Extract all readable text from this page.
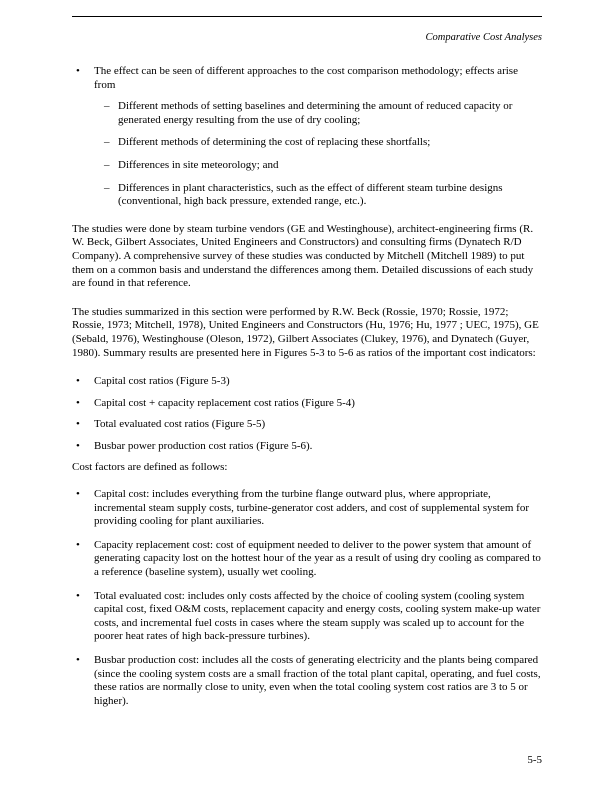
Comparative Cost Analyses
•	The effect can be seen of different approaches to the cost comparison methodology; effects arise from
– Different methods of setting baselines and determining the amount of reduced capacity or generated energy resulting from the use of dry cooling;
– Different methods of determining the cost of replacing these shortfalls;
– Differences in site meteorology; and
– Differences in plant characteristics, such as the effect of different steam turbine designs (conventional, high back pressure, extended range, etc.).

The studies were done by steam turbine vendors (GE and Westinghouse), architect-engineering firms (R. W. Beck, Gilbert Associates, United Engineers and Constructors) and consulting firms (Dynatech R/D Company). A comprehensive survey of these studies was conducted by Mitchell (Mitchell 1989) to put them on a common basis and understand the differences among them. Detailed discussions of each study are found in that reference.

The studies summarized in this section were performed by R.W. Beck (Rossie, 1970; Rossie, 1972; Rossie, 1973; Mitchell, 1978), United Engineers and Constructors (Hu, 1976; Hu, 1977 ; UEC, 1975), GE (Sebald, 1976), Westinghouse (Oleson, 1972), Gilbert Associates (Clukey, 1976), and Dynatech (Guyer, 1980). Summary results are presented here in Figures 5-3 to 5-6 as ratios of the important cost indicators:

•	Capital cost ratios (Figure 5-3)
•	Capital cost + capacity replacement cost ratios (Figure 5-4)
•	Total evaluated cost ratios (Figure 5-5)
•	Busbar power production cost ratios (Figure 5-6).

Cost factors are defined as follows:

•	Capital cost: includes everything from the turbine flange outward plus, where appropriate, incremental steam supply costs, turbine-generator cost adders, and cost of supplemental system for providing cooling for plant auxiliaries.
•	Capacity replacement cost: cost of equipment needed to deliver to the power system that amount of generating capacity lost on the hottest hour of the year as a result of using dry cooling as compared to a reference (baseline system), usually wet cooling.
•	Total evaluated cost: includes only costs affected by the choice of cooling system (cooling system capital cost, fixed O&M costs, replacement capacity and energy costs, cooling system make-up water costs, and incremental fuel costs in cases where the steam supply was scaled up to account for the poorer heat rates of high back-pressure turbines).
•	Busbar production cost: includes all the costs of generating electricity and the plants being compared (since the cooling system costs are a small fraction of the total plant capital, operating, and fuel costs, these ratios are normally close to unity, even when the total cooling system cost ratios are 3 to 5 or higher).
5-5
